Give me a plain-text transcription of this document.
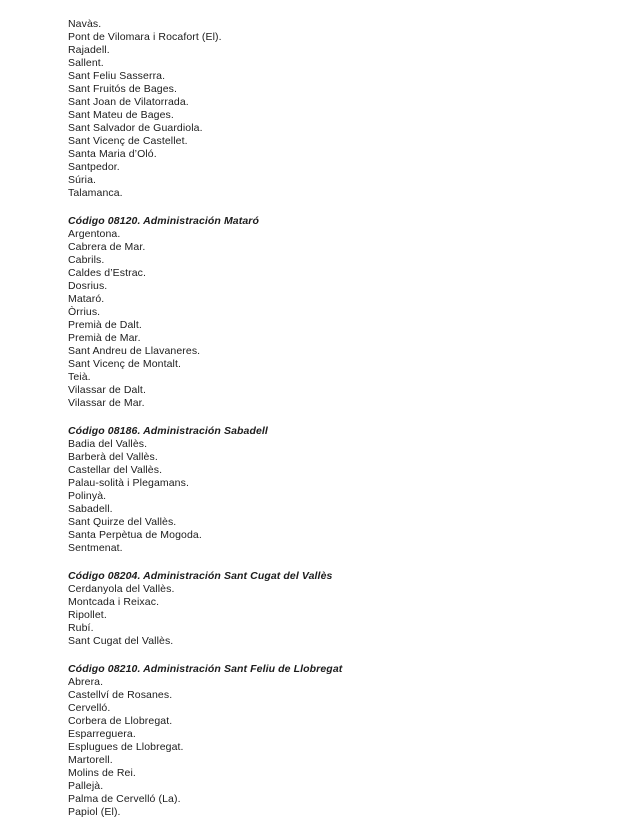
Navàs.
Pont de Vilomara i Rocafort (El).
Rajadell.
Sallent.
Sant Feliu Sasserra.
Sant Fruitós de Bages.
Sant Joan de Vilatorrada.
Sant Mateu de Bages.
Sant Salvador de Guardiola.
Sant Vicenç de Castellet.
Santa Maria d’Oló.
Santpedor.
Súria.
Talamanca.
Código 08120. Administración Mataró
Argentona.
Cabrera de Mar.
Cabrils.
Caldes d’Estrac.
Dosrius.
Mataró.
Òrrius.
Premià de Dalt.
Premià de Mar.
Sant Andreu de Llavaneres.
Sant Vicenç de Montalt.
Teià.
Vilassar de Dalt.
Vilassar de Mar.
Código 08186. Administración Sabadell
Badia del Vallès.
Barberà del Vallès.
Castellar del Vallès.
Palau-solità i Plegamans.
Polinyà.
Sabadell.
Sant Quirze del Vallès.
Santa Perpètua de Mogoda.
Sentmenat.
Código 08204. Administración Sant Cugat del Vallès
Cerdanyola del Vallès.
Montcada i Reixac.
Ripollet.
Rubí.
Sant Cugat del Vallès.
Código 08210. Administración Sant Feliu de Llobregat
Abrera.
Castellví de Rosanes.
Cervelló.
Corbera de Llobregat.
Esparreguera.
Esplugues de Llobregat.
Martorell.
Molins de Rei.
Pallejà.
Palma de Cervelló (La).
Papiol (El).
